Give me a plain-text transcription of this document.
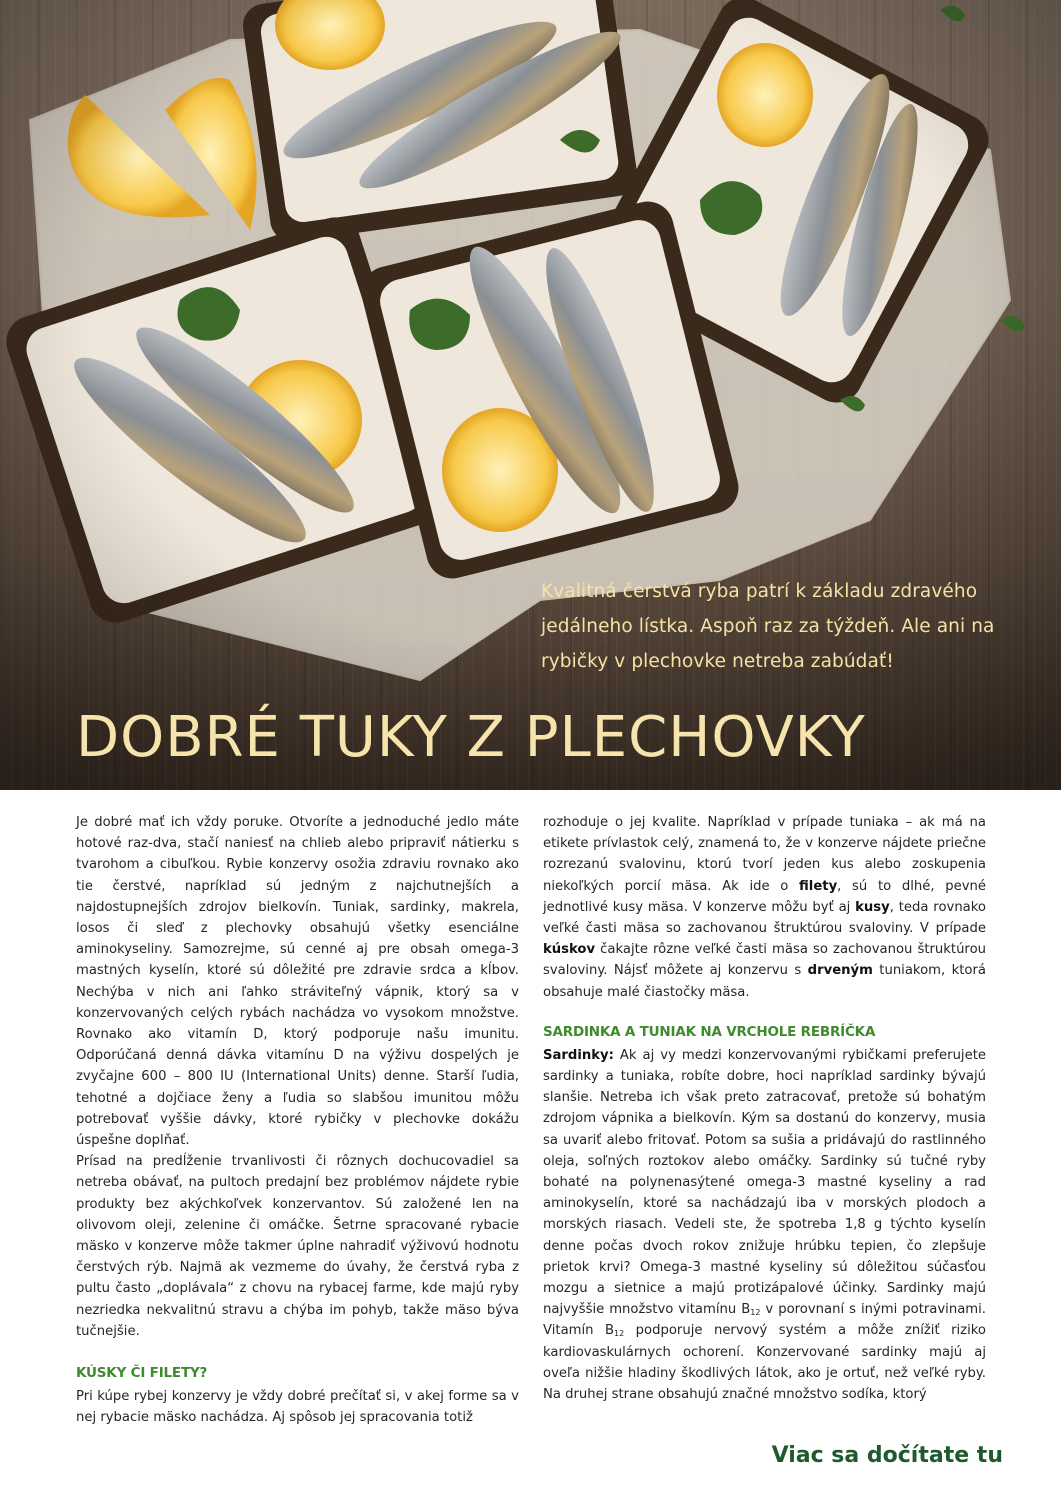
Kvalitná čerstvá ryba patrí k základu zdravého jedálneho lístka. Aspoň raz za týždeň. Ale ani na rybičky v plechovke netreba zabúdať!
DOBRÉ TUKY Z PLECHOVKY

Je dobré mať ich vždy poruke. Otvoríte a jednoduché jedlo máte hotové raz-dva, stačí naniesť na chlieb alebo pripraviť nátierku s tvarohom a cibuľkou. Rybie konzervy osožia zdraviu rovnako ako tie čerstvé, napríklad sú jedným z najchutnejších a najdostupnejších zdrojov bielkovín. Tuniak, sardinky, makrela, losos či sleď z plechovky obsahujú všetky esenciálne aminokyseliny. Samozrejme, sú cenné aj pre obsah omega-3 mastných kyselín, ktoré sú dôležité pre zdravie srdca a kĺbov. Nechýba v nich ani ľahko stráviteľný vápnik, ktorý sa v konzervovaných celých rybách nachádza vo vysokom množstve. Rovnako ako vitamín D, ktorý podporuje našu imunitu. Odporúčaná denná dávka vitamínu D na výživu dospelých je zvyčajne 600 – 800 IU (International Units) denne. Starší ľudia, tehotné a dojčiace ženy a ľudia so slabšou imunitou môžu potrebovať vyššie dávky, ktoré rybičky v plechovke dokážu úspešne doplňať.

Prísad na predĺženie trvanlivosti či rôznych dochucovadiel sa netreba obávať, na pultoch predajní bez problémov nájdete rybie produkty bez akýchkoľvek konzervantov. Sú založené len na olivovom oleji, zelenine či omáčke. Šetrne spracované rybacie mäsko v konzerve môže takmer úplne nahradiť výživovú hodnotu čerstvých rýb. Najmä ak vezmeme do úvahy, že čerstvá ryba z pultu často „doplávala“ z chovu na rybacej farme, kde majú ryby nezriedka nekvalitnú stravu a chýba im pohyb, takže mäso býva tučnejšie.

KÚSKY ČI FILETY?

Pri kúpe rybej konzervy je vždy dobré prečítať si, v akej forme sa v nej rybacie mäsko nachádza. Aj spôsob jej spracovania totiž

rozhoduje o jej kvalite. Napríklad v prípade tuniaka – ak má na etikete prívlastok celý, znamená to, že v konzerve nájdete priečne rozrezanú svalovinu, ktorú tvorí jeden kus alebo zoskupenia niekoľkých porcií mäsa. Ak ide o filety, sú to dlhé, pevné jednotlivé kusy mäsa. V konzerve môžu byť aj kusy, teda rovnako veľké časti mäsa so zachovanou štruktúrou svaloviny. V prípade kúskov čakajte rôzne veľké časti mäsa so zachovanou štruktúrou svaloviny. Nájsť môžete aj konzervu s drveným tuniakom, ktorá obsahuje malé čiastočky mäsa.

SARDINKA A TUNIAK NA VRCHOLE REBRÍČKA

Sardinky: Ak aj vy medzi konzervovanými rybičkami preferujete sardinky a tuniaka, robíte dobre, hoci napríklad sardinky bývajú slanšie. Netreba ich však preto zatracovať, pretože sú bohatým zdrojom vápnika a bielkovín. Kým sa dostanú do konzervy, musia sa uvariť alebo fritovať. Potom sa sušia a pridávajú do rastlinného oleja, soľných roztokov alebo omáčky. Sardinky sú tučné ryby bohaté na polynenasýtené omega-3 mastné kyseliny a rad aminokyselín, ktoré sa nachádzajú iba v morských plodoch a morských riasach. Vedeli ste, že spotreba 1,8 g týchto kyselín denne počas dvoch rokov znižuje hrúbku tepien, čo zlepšuje prietok krvi? Omega-3 mastné kyseliny sú dôležitou súčasťou mozgu a sietnice a majú protizápalové účinky. Sardinky majú najvyššie množstvo vitamínu $B_{12}$ v porovnaní s inými potravinami. Vitamín $B_{12}$ podporuje nervový systém a môže znížiť riziko kardiovaskulárnych ochorení. Konzervované sardinky majú aj oveľa nižšie hladiny škodlivých látok, ako je ortuť, než veľké ryby. Na druhej strane obsahujú značné množstvo sodíka, ktorý

Viac sa dočítate tu
